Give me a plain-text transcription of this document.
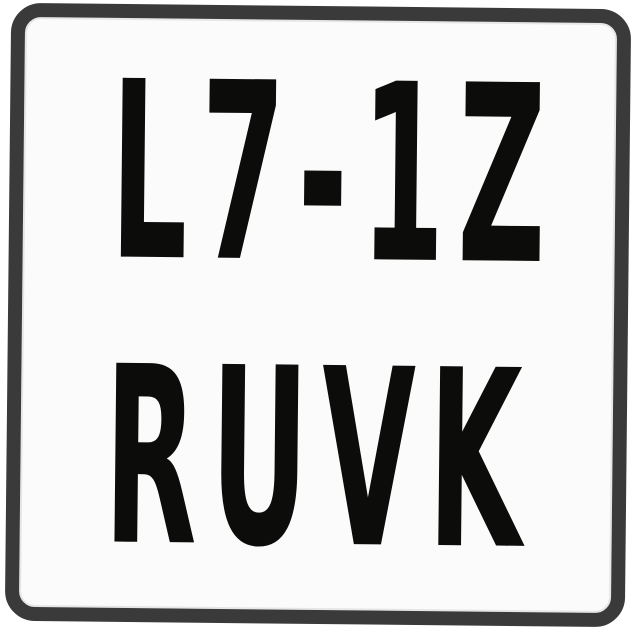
L7-1Z
RUVK
